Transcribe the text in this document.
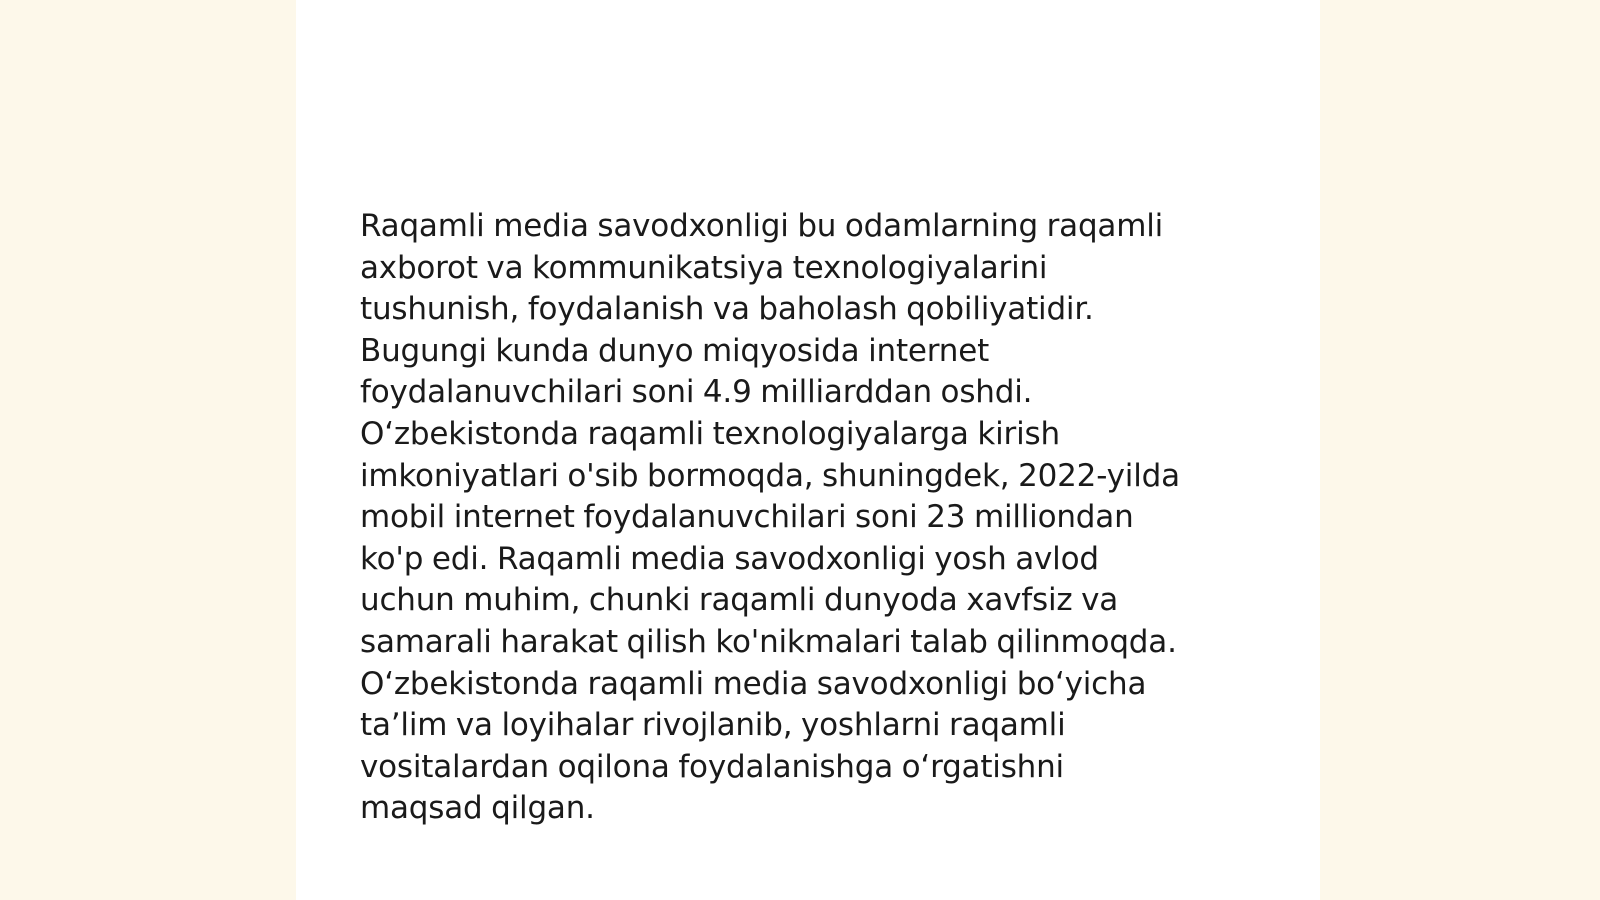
Raqamli media savodxonligi bu odamlarning raqamli
axborot va kommunikatsiya texnologiyalarini
tushunish, foydalanish va baholash qobiliyatidir.
Bugungi kunda dunyo miqyosida internet
foydalanuvchilari soni 4.9 milliarddan oshdi.
O‘zbekistonda raqamli texnologiyalarga kirish
imkoniyatlari o'sib bormoqda, shuningdek, 2022-yilda
mobil internet foydalanuvchilari soni 23 milliondan
ko'p edi. Raqamli media savodxonligi yosh avlod
uchun muhim, chunki raqamli dunyoda xavfsiz va
samarali harakat qilish ko'nikmalari talab qilinmoqda.
O‘zbekistonda raqamli media savodxonligi bo‘yicha
ta’lim va loyihalar rivojlanib, yoshlarni raqamli
vositalardan oqilona foydalanishga o‘rgatishni
maqsad qilgan.
